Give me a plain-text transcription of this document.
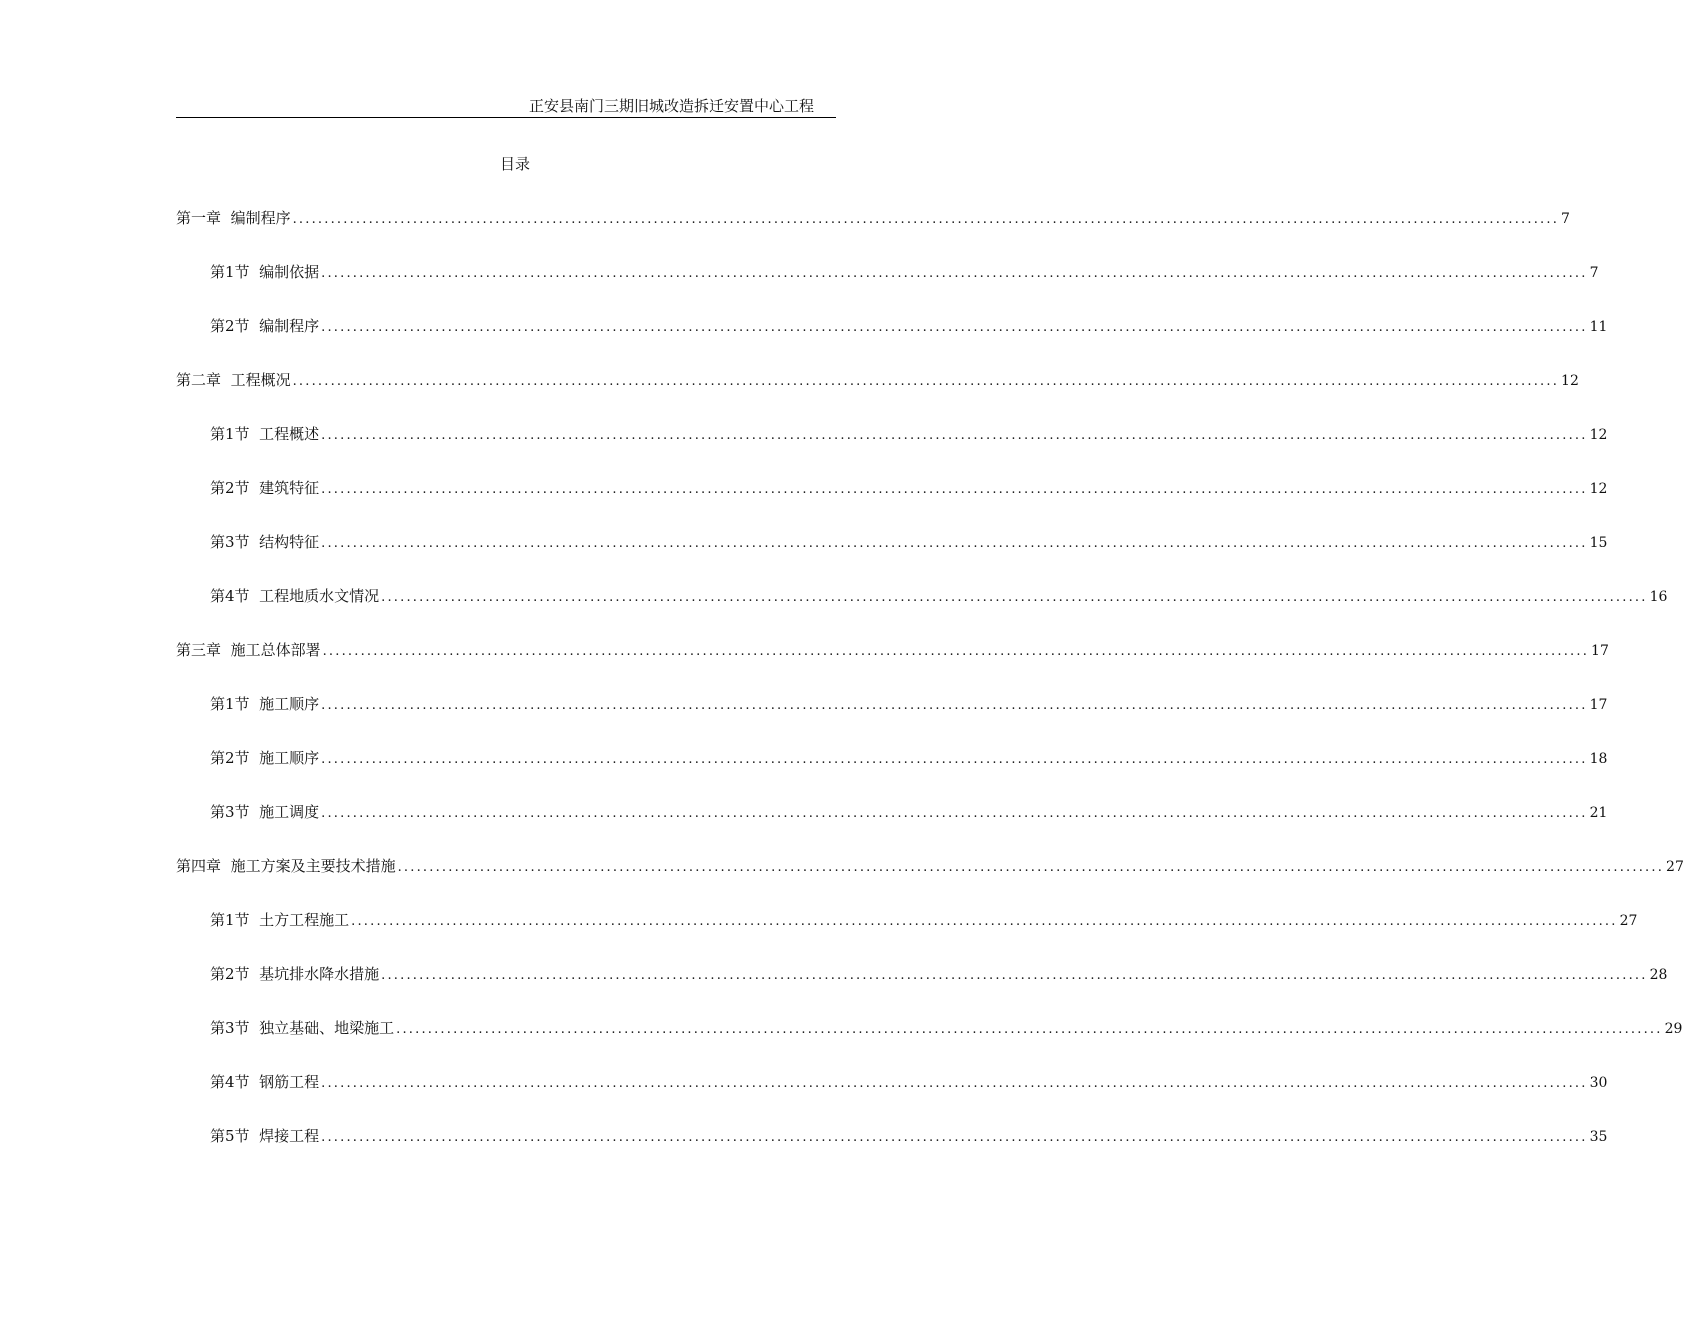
正安县南门三期旧城改造拆迁安置中心工程
目录
第一章 编制程序 ........................................................................................................................................................................................................ 7
第1节 编制依据 ........................................................................................................................................................................................................ 7
第2节 编制程序 ........................................................................................................................................................................................................ 11
第二章 工程概况 ........................................................................................................................................................................................................ 12
第1节 工程概述 ........................................................................................................................................................................................................ 12
第2节 建筑特征 ........................................................................................................................................................................................................ 12
第3节 结构特征 ........................................................................................................................................................................................................ 15
第4节 工程地质水文情况 ........................................................................................................................................................................................................ 16
第三章 施工总体部署 ........................................................................................................................................................................................................ 17
第1节 施工顺序 ........................................................................................................................................................................................................ 17
第2节 施工顺序 ........................................................................................................................................................................................................ 18
第3节 施工调度 ........................................................................................................................................................................................................ 21
第四章 施工方案及主要技术措施 ........................................................................................................................................................................................................ 27
第1节 土方工程施工 ........................................................................................................................................................................................................ 27
第2节 基坑排水降水措施 ........................................................................................................................................................................................................ 28
第3节 独立基础、地梁施工 ........................................................................................................................................................................................................ 29
第4节 钢筋工程 ........................................................................................................................................................................................................ 30
第5节 焊接工程 ........................................................................................................................................................................................................ 35
